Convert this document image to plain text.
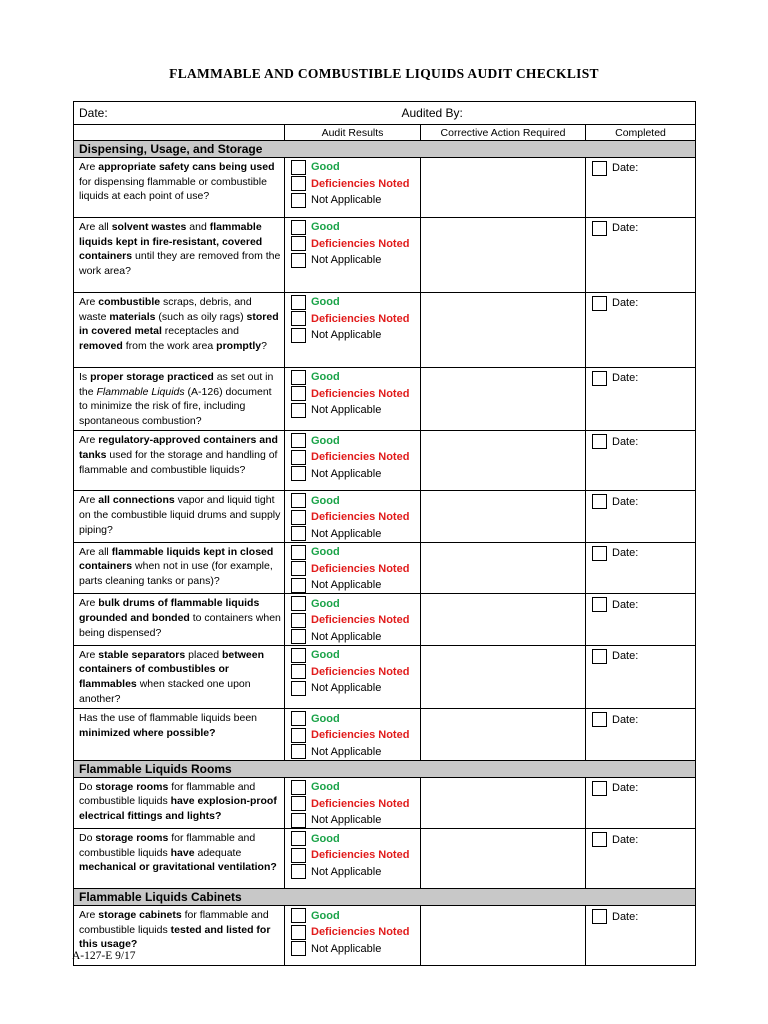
FLAMMABLE AND COMBUSTIBLE LIQUIDS AUDIT CHECKLIST
Date:	Audited By:		
	Audit Results	Corrective Action Required	Completed
Dispensing, Usage, and Storage			
Are appropriate safety cans being used for dispensing flammable or combustible liquids at each point of use?	Good
Deficiencies Noted
Not Applicable		Date:

Are all solvent wastes and flammable liquids kept in fire-resistant, covered containers until they are removed from the work area?	Good
Deficiencies Noted
Not Applicable		Date:

Are combustible scraps, debris, and waste materials (such as oily rags) stored in covered metal receptacles and removed from the work area promptly?	Good
Deficiencies Noted
Not Applicable		Date:

Is proper storage practiced as set out in the Flammable Liquids (A-126) document to minimize the risk of fire, including spontaneous combustion?	Good
Deficiencies Noted
Not Applicable		Date:

Are regulatory-approved containers and tanks used for the storage and handling of flammable and combustible liquids?	Good
Deficiencies Noted
Not Applicable		Date:

Are all connections vapor and liquid tight on the combustible liquid drums and supply piping?	Good
Deficiencies Noted
Not Applicable		Date:

Are all flammable liquids kept in closed containers when not in use (for example, parts cleaning tanks or pans)?	Good
Deficiencies Noted
Not Applicable		Date:

Are bulk drums of flammable liquids grounded and bonded to containers when being dispensed?	Good
Deficiencies Noted
Not Applicable		Date:

Are stable separators placed between containers of combustibles or flammables when stacked one upon another?	Good
Deficiencies Noted
Not Applicable		Date:

Has the use of flammable liquids been minimized where possible?	Good
Deficiencies Noted
Not Applicable		Date:

Flammable Liquids Rooms			
Do storage rooms for flammable and combustible liquids have explosion-proof electrical fittings and lights?	Good
Deficiencies Noted
Not Applicable		Date:

Do storage rooms for flammable and combustible liquids have adequate mechanical or gravitational ventilation?	Good
Deficiencies Noted
Not Applicable		Date:

Flammable Liquids Cabinets			
Are storage cabinets for flammable and combustible liquids tested and listed for this usage?	Good
Deficiencies Noted
Not Applicable		Date:
A-127-E 9/17
